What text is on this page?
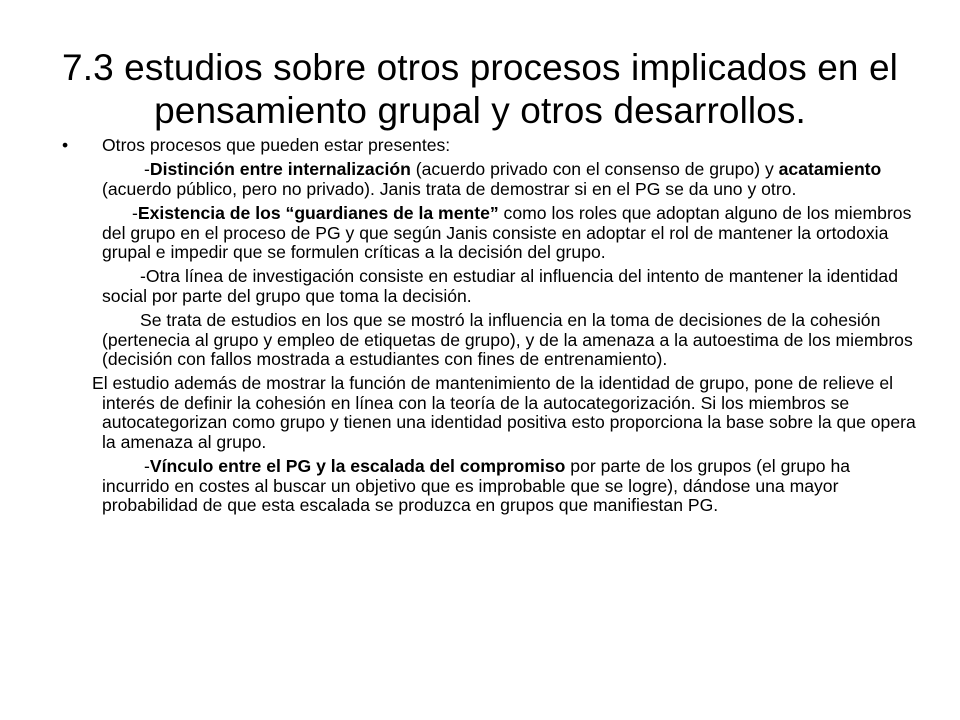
7.3 estudios sobre otros procesos implicados en el pensamiento grupal y otros desarrollos.
• Otros procesos que pueden estar presentes:

-Distinción entre internalización (acuerdo privado con el consenso de grupo) y acatamiento (acuerdo público, pero no privado). Janis trata de demostrar si en el PG se da uno y otro.

-Existencia de los “guardianes de la mente” como los roles que adoptan alguno de los miembros del grupo en el proceso de PG y que según Janis consiste en adoptar el rol de mantener la ortodoxia grupal e impedir que se formulen críticas a la decisión del grupo.

-Otra línea de investigación consiste en estudiar al influencia del intento de mantener la identidad social por parte del grupo que toma la decisión.

Se trata de estudios en los que se mostró la influencia en la toma de decisiones de la cohesión (pertenecia al grupo y empleo de etiquetas de grupo), y de la amenaza a la autoestima de los miembros (decisión con fallos mostrada a estudiantes con fines de entrenamiento).

El estudio además de mostrar la función de mantenimiento de la identidad de grupo, pone de relieve el interés de definir la cohesión en línea con la teoría de la autocategorización. Si los miembros se autocategorizan como grupo y tienen una identidad positiva esto proporciona la base sobre la que opera la amenaza al grupo.

-Vínculo entre el PG y la escalada del compromiso por parte de los grupos (el grupo ha incurrido en costes al buscar un objetivo que es improbable que se logre), dándose una mayor probabilidad de que esta escalada se produzca en grupos que manifiestan PG.
